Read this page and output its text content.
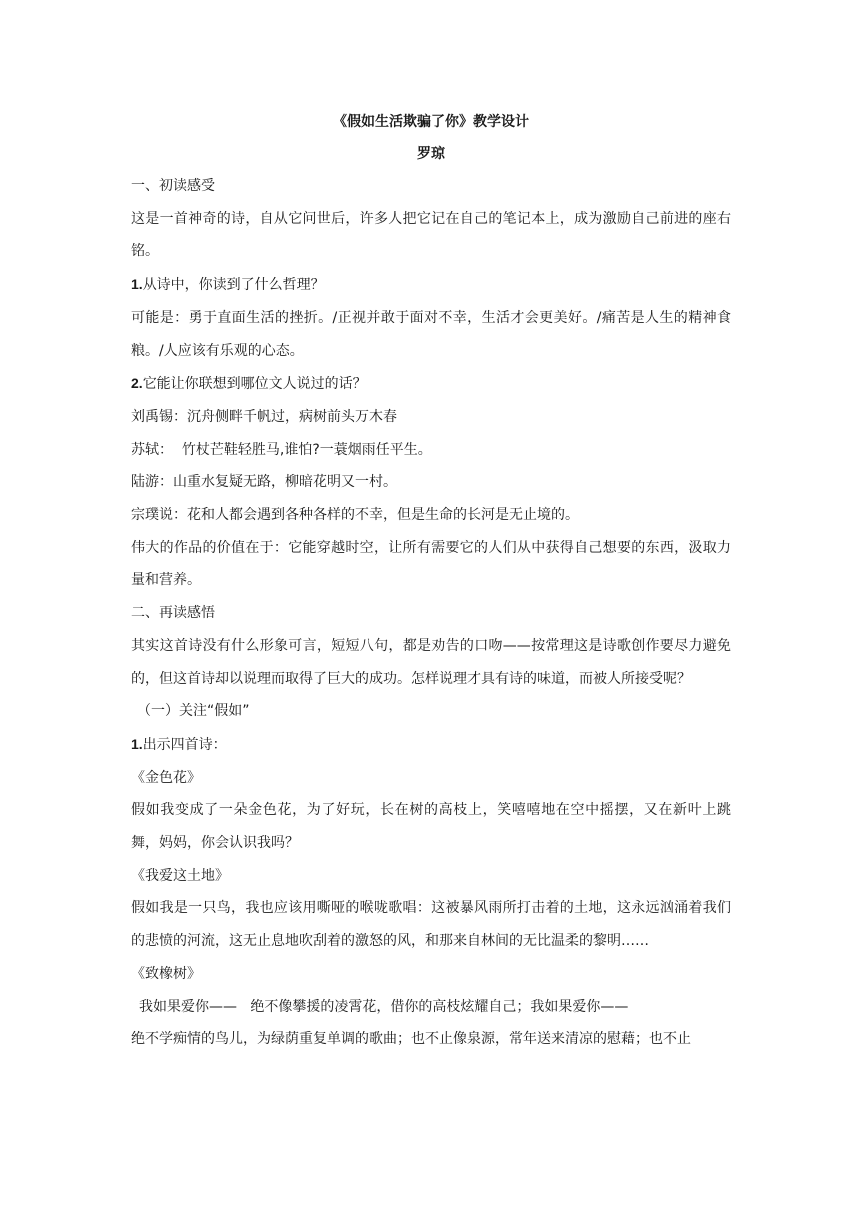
《假如生活欺骗了你》教学设计

罗琼

一、初读感受

这是一首神奇的诗，自从它问世后，许多人把它记在自己的笔记本上，成为激励自己前进的座右铭。

1.从诗中，你读到了什么哲理？

可能是：勇于直面生活的挫折。/正视并敢于面对不幸，生活才会更美好。/痛苦是人生的精神食粮。/人应该有乐观的心态。

2.它能让你联想到哪位文人说过的话？

刘禹锡：沉舟侧畔千帆过，病树前头万木春

苏轼：  竹杖芒鞋轻胜马,谁怕?一蓑烟雨任平生。

陆游：山重水复疑无路，柳暗花明又一村。

宗璞说：花和人都会遇到各种各样的不幸，但是生命的长河是无止境的。

伟大的作品的价值在于：它能穿越时空，让所有需要它的人们从中获得自己想要的东西，汲取力量和营养。

二、再读感悟

其实这首诗没有什么形象可言，短短八句，都是劝告的口吻——按常理这是诗歌创作要尽力避免的，但这首诗却以说理而取得了巨大的成功。怎样说理才具有诗的味道，而被人所接受呢？

（一）关注“假如”

1.出示四首诗：

《金色花》

假如我变成了一朵金色花，为了好玩，长在树的高枝上，笑嘻嘻地在空中摇摆，又在新叶上跳舞，妈妈，你会认识我吗？

《我爱这土地》

假如我是一只鸟，我也应该用嘶哑的喉咙歌唱：这被暴风雨所打击着的土地，这永远汹涌着我们的悲愤的河流，这无止息地吹刮着的激怒的风，和那来自林间的无比温柔的黎明……

《致橡树》

我如果爱你——   绝不像攀援的凌霄花，借你的高枝炫耀自己；我如果爱你——

绝不学痴情的鸟儿，为绿荫重复单调的歌曲；也不止像泉源，常年送来清凉的慰藉；也不止
